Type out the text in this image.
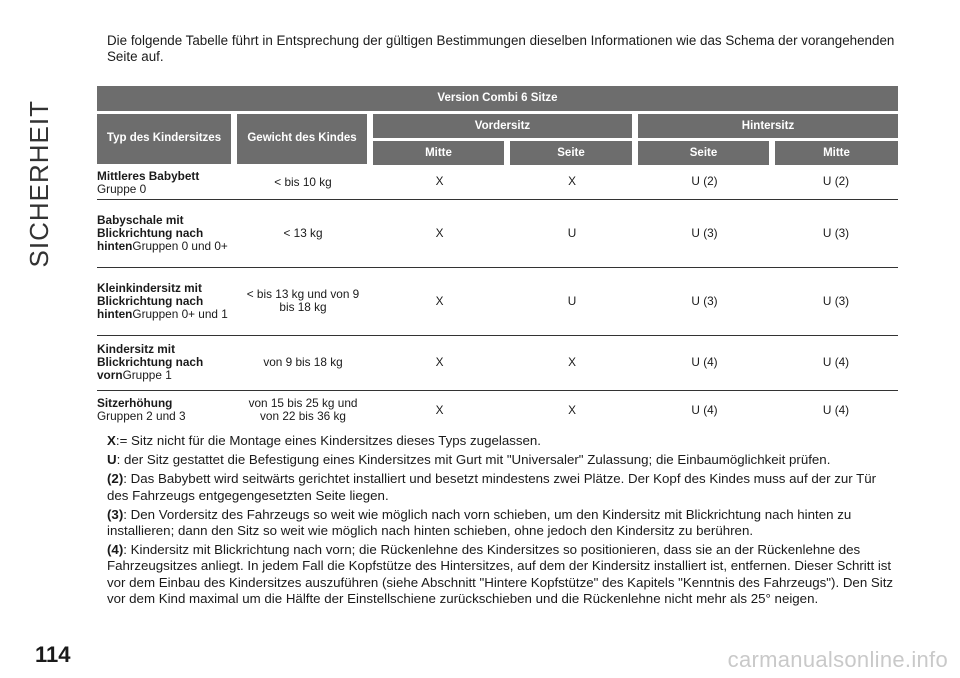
SICHERHEIT
Die folgende Tabelle führt in Entsprechung der gültigen Bestimmungen dieselben Informationen wie das Schema der vorangehenden Seite auf.
Version Combi 6 Sitze					
Typ des Kindersitzes	Gewicht des Kindes	Vordersitz		Hintersitz	
		Mitte	Seite	Seite	Mitte
Mittleres Babybett
Gruppe 0	< bis 10 kg	X	X	U (2)	U (2)
Babyschale mit Blickrichtung nach hintenGruppen 0 und 0+	< 13 kg	X	U	U (3)	U (3)
Kleinkindersitz mit Blickrichtung nach hintenGruppen 0+ und 1	< bis 13 kg und von 9 bis 18 kg	X	U	U (3)	U (3)
Kindersitz mit Blickrichtung nach vornGruppe 1	von 9 bis 18 kg	X	X	U (4)	U (4)
Sitzerhöhung
Gruppen 2 und 3	von 15 bis 25 kg und von 22 bis 36 kg	X	X	U (4)	U (4)

X:= Sitz nicht für die Montage eines Kindersitzes dieses Typs zugelassen.

U: der Sitz gestattet die Befestigung eines Kindersitzes mit Gurt mit "Universaler" Zulassung; die Einbaumöglichkeit prüfen.

(2): Das Babybett wird seitwärts gerichtet installiert und besetzt mindestens zwei Plätze. Der Kopf des Kindes muss auf der zur Tür des Fahrzeugs entgegengesetzten Seite liegen.

(3): Den Vordersitz des Fahrzeugs so weit wie möglich nach vorn schieben, um den Kindersitz mit Blickrichtung nach hinten zu installieren; dann den Sitz so weit wie möglich nach hinten schieben, ohne jedoch den Kindersitz zu berühren.

(4): Kindersitz mit Blickrichtung nach vorn; die Rückenlehne des Kindersitzes so positionieren, dass sie an der Rückenlehne des Fahrzeugsitzes anliegt. In jedem Fall die Kopfstütze des Hintersitzes, auf dem der Kindersitz installiert ist, entfernen. Dieser Schritt ist vor dem Einbau des Kindersitzes auszuführen (siehe Abschnitt "Hintere Kopfstütze" des Kapitels "Kenntnis des Fahrzeugs"). Den Sitz vor dem Kind maximal um die Hälfte der Einstellschiene zurückschieben und die Rückenlehne nicht mehr als 25° neigen.

114	carmanualsonline.info
